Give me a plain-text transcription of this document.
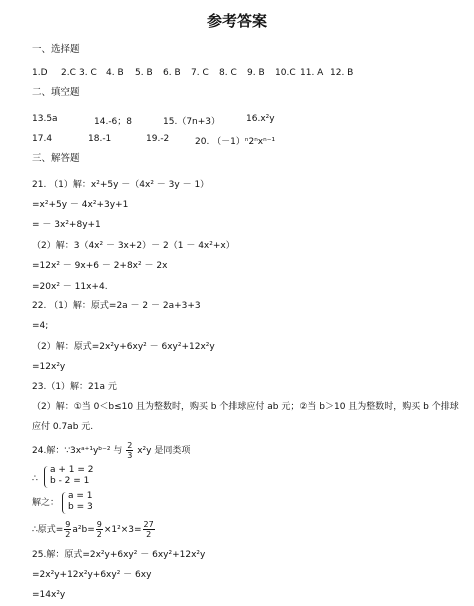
参考答案
一、选择题
1.D 2.C 3. C 4. B 5. B 6. B 7. C 8. C 9. B 10.C 11. A 12. B
二、填空题
13.5a	14.-6；8	15.（7n+3）	16.x²y
17.4	18.-1	19.-2	20. （－1）ⁿ2ⁿxⁿ⁻¹
三、解答题
21. （1）解：x²+5y －（4x² － 3y － 1）
=x²+5y － 4x²+3y+1
= － 3x²+8y+1
（2）解：3（4x² － 3x+2）－ 2（1 － 4x²+x）
=12x² － 9x+6 － 2+8x² － 2x
=20x² － 11x+4.
22. （1）解：原式=2a － 2 － 2a+3+3
=4;
（2）解：原式=2x²y+6xy² － 6xy²+12x²y
=12x²y
23.（1）解：21a 元
（2）解：①当 0＜b≤10 且为整数时，购买 b 个排球应付 ab 元；②当 b＞10 且为整数时，购买 b 个排球
应付 0.7ab 元.
24.解：∵3xᵃ⁺¹yᵇ⁻² 与 $\frac{2}{3} x^2y$ 是同类项
∴
a + 1 = 2
b - 2 = 1
解之：
a = 1
b = 3
∴原式= $\frac{9}{2} a^2b= \frac{9}{2} \times 1^2\times 3= \frac{27}{2}$
25.解：原式=2x²y+6xy² － 6xy²+12x²y
=2x²y+12x²y+6xy² － 6xy
=14x²y
